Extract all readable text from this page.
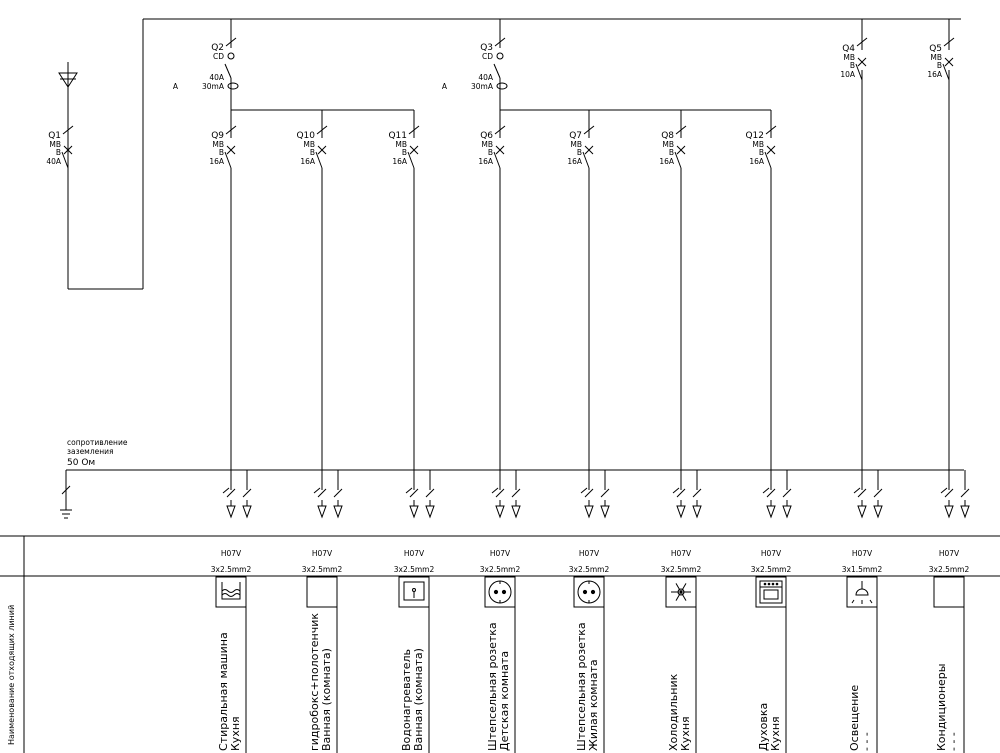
Q1
MB
B
40A
Q2
CD
40A
30mA
A
Q3
CD
40A
30mA
A
Q4
MB
B
10A
Q5
MB
B
16A
Q9
MB
B
16A
Q10
MB
B
16A
Q11
MB
B
16A
Q6
MB
B
16A
Q7
MB
B
16A
Q8
MB
B
16A
Q12
MB
B
16A
H07V
3x2.5mm2
Стиральная машина Кухня
H07V
3x2.5mm2
гидробокс+полотенчик Ванная (комната)
H07V
3x2.5mm2
Водонагреватель Ванная (комната)
H07V
3x2.5mm2
Штепсельная розетка Детская комната
H07V
3x2.5mm2
Штепсельная розетка Жилая комната
H07V
3x2.5mm2
Холодильник Кухня
H07V
3x2.5mm2
Духовка Кухня
H07V
3x1.5mm2
Освещение - - -
H07V
3x2.5mm2
Кондиционеры - - -
сопротивление
заземления
50 Ом
Наименование отходящих линий
